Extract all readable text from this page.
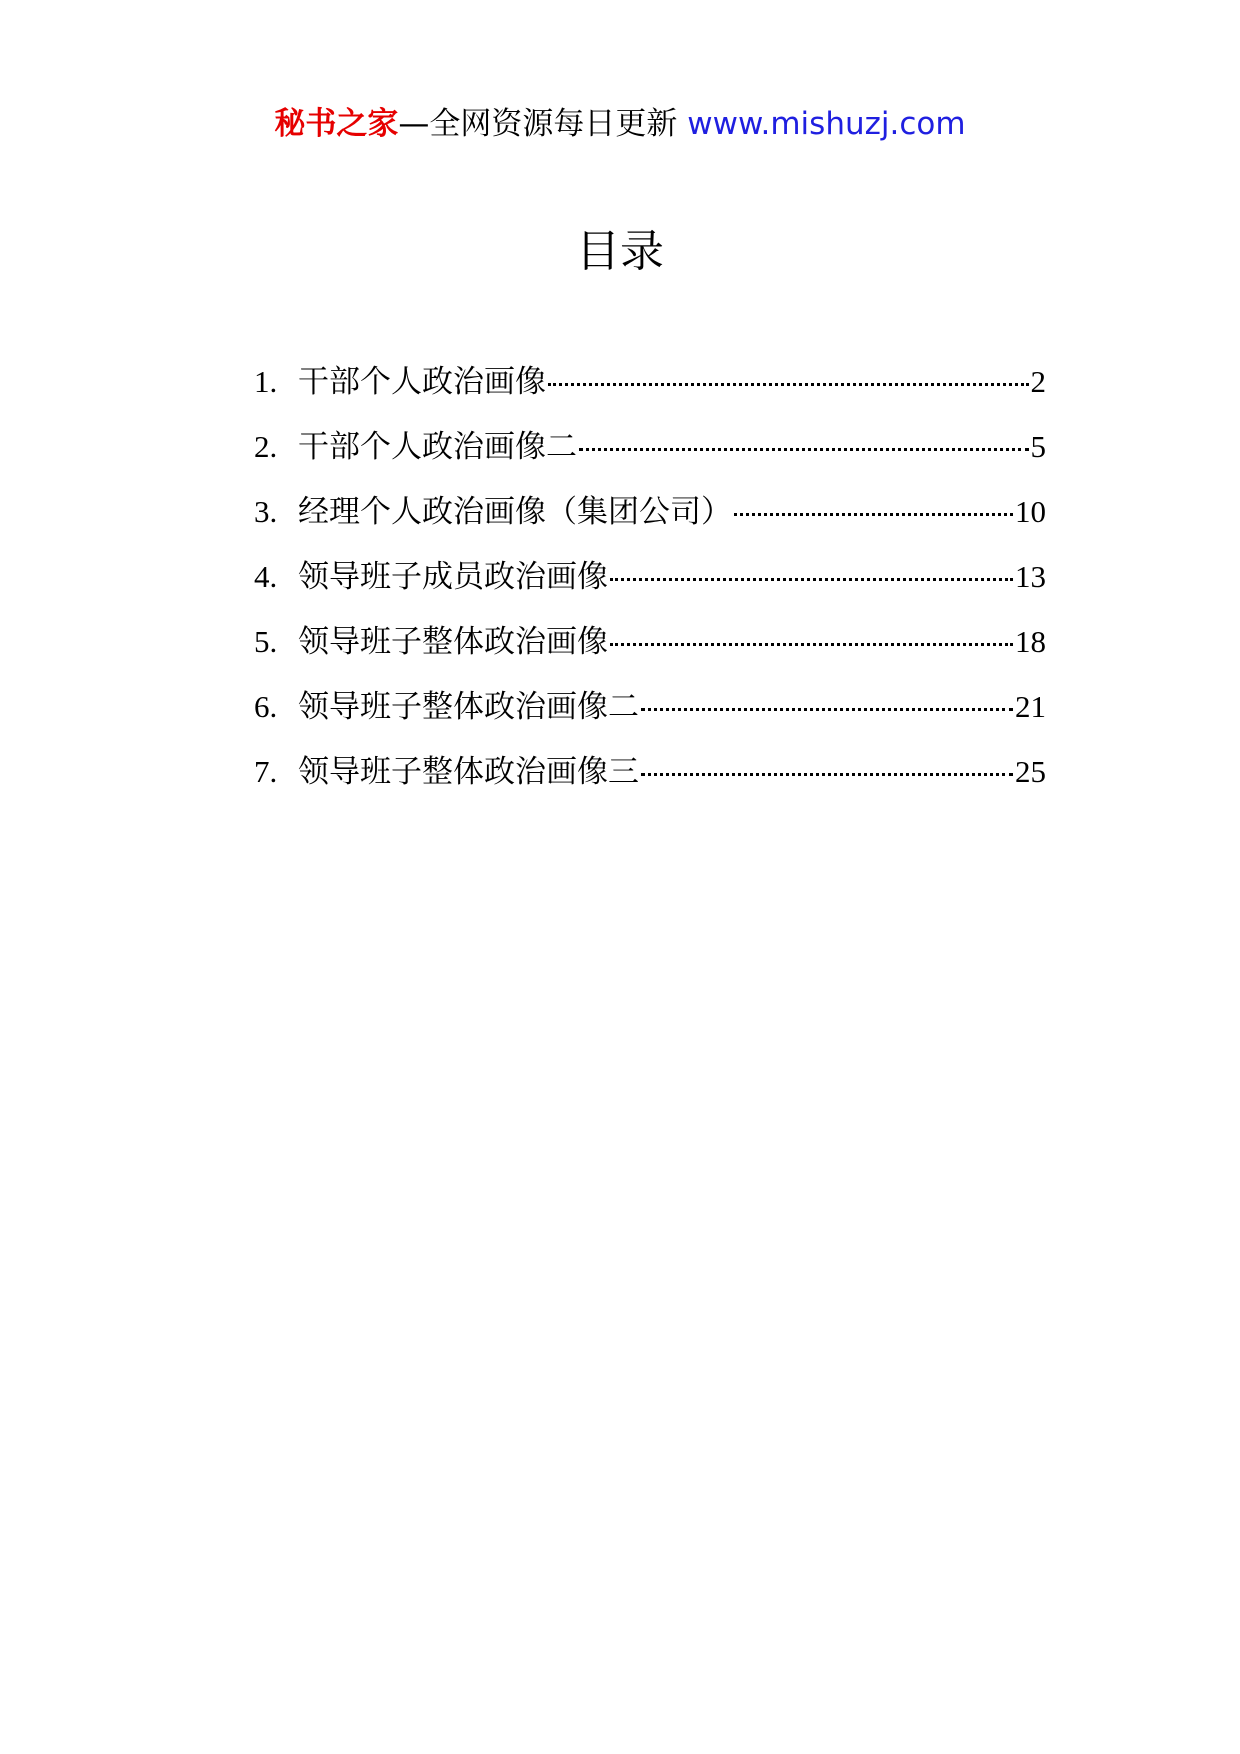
秘书之家—全网资源每日更新 www.mishuzj.com
目录
1. 干部个人政治画像	2
2. 干部个人政治画像二	5
3. 经理个人政治画像（集团公司）	10
4. 领导班子成员政治画像	13
5. 领导班子整体政治画像	18
6. 领导班子整体政治画像二	21
7. 领导班子整体政治画像三	25
